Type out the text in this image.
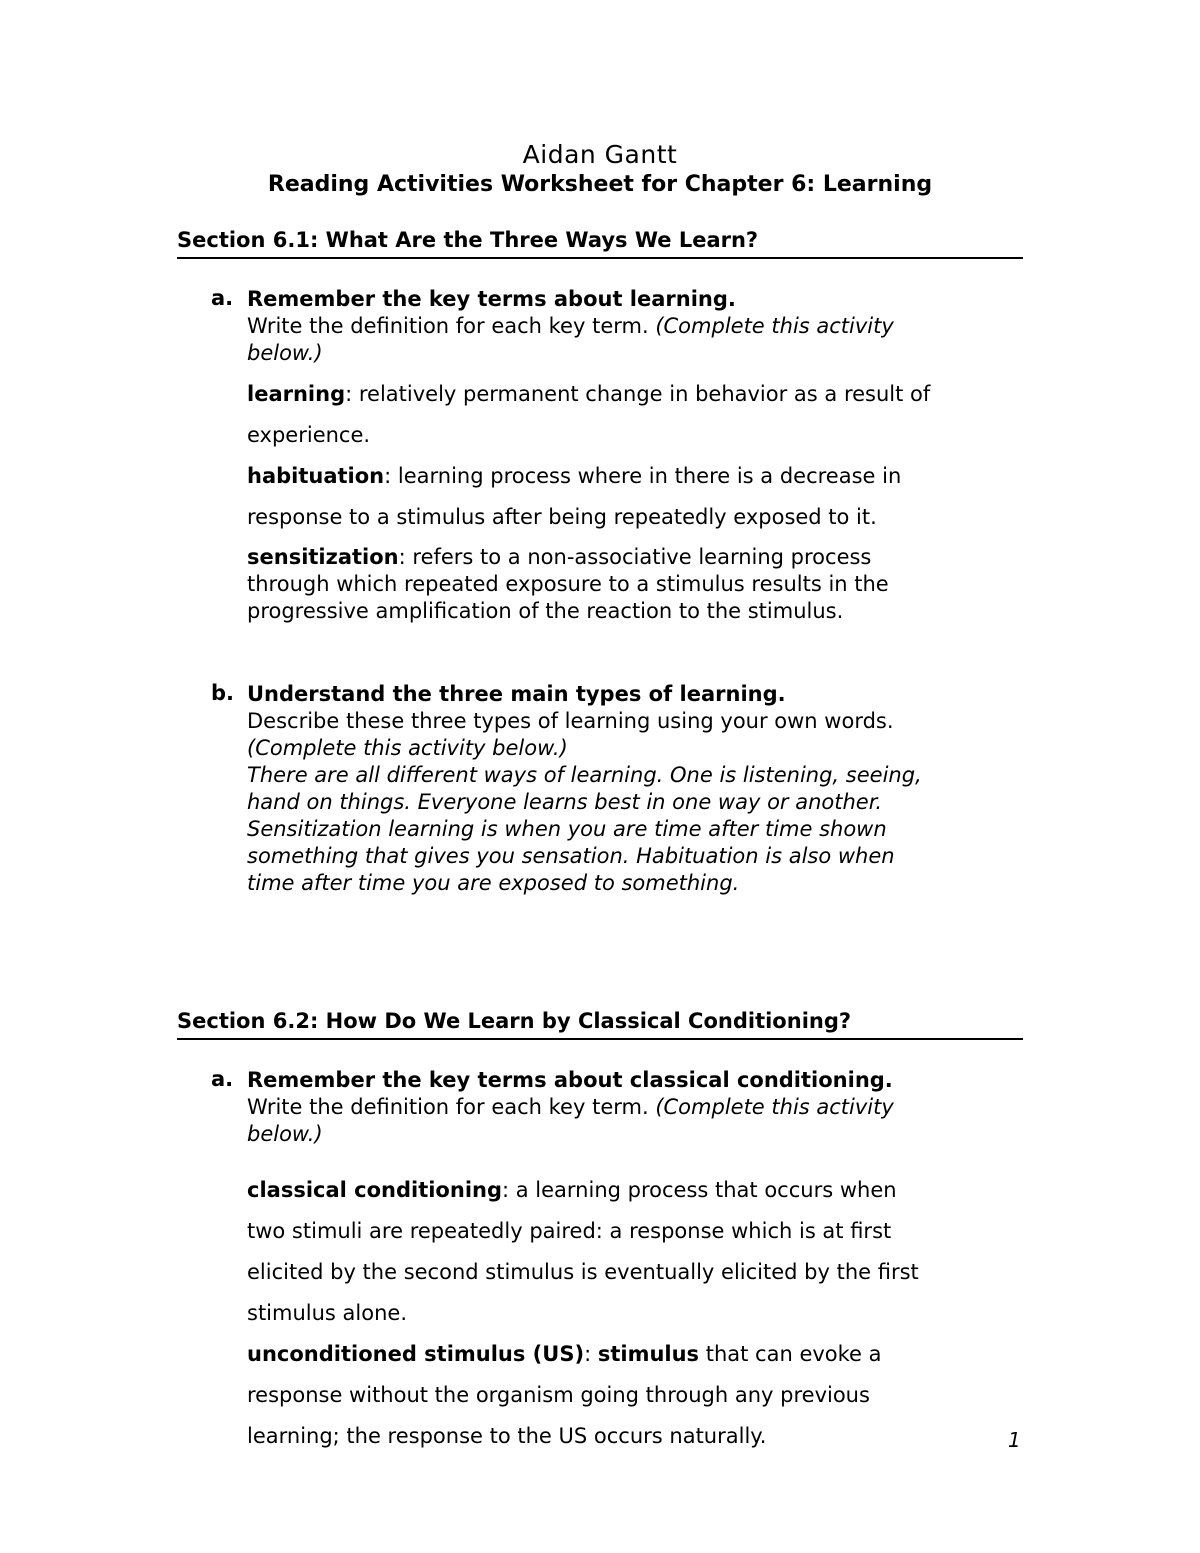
Aidan Gantt
Reading Activities Worksheet for Chapter 6: Learning
Section 6.1: What Are the Three Ways We Learn?
a. Remember the key terms about learning.

Write the definition for each key term. (Complete this activity

below.)

learning: relatively permanent change in behavior as a result of

experience.

habituation: learning process where in there is a decrease in

response to a stimulus after being repeatedly exposed to it.

sensitization: refers to a non-associative learning process

through which repeated exposure to a stimulus results in the

progressive amplification of the reaction to the stimulus.

b. Understand the three main types of learning.

Describe these three types of learning using your own words.

(Complete this activity below.)

There are all different ways of learning. One is listening, seeing,

hand on things. Everyone learns best in one way or another.

Sensitization learning is when you are time after time shown

something that gives you sensation. Habituation is also when

time after time you are exposed to something.

Section 6.2: How Do We Learn by Classical Conditioning?
a. Remember the key terms about classical conditioning.

Write the definition for each key term. (Complete this activity

below.)

classical conditioning: a learning process that occurs when

two stimuli are repeatedly paired: a response which is at first

elicited by the second stimulus is eventually elicited by the first

stimulus alone.

unconditioned stimulus (US): stimulus that can evoke a

response without the organism going through any previous

learning; the response to the US occurs naturally.	1
